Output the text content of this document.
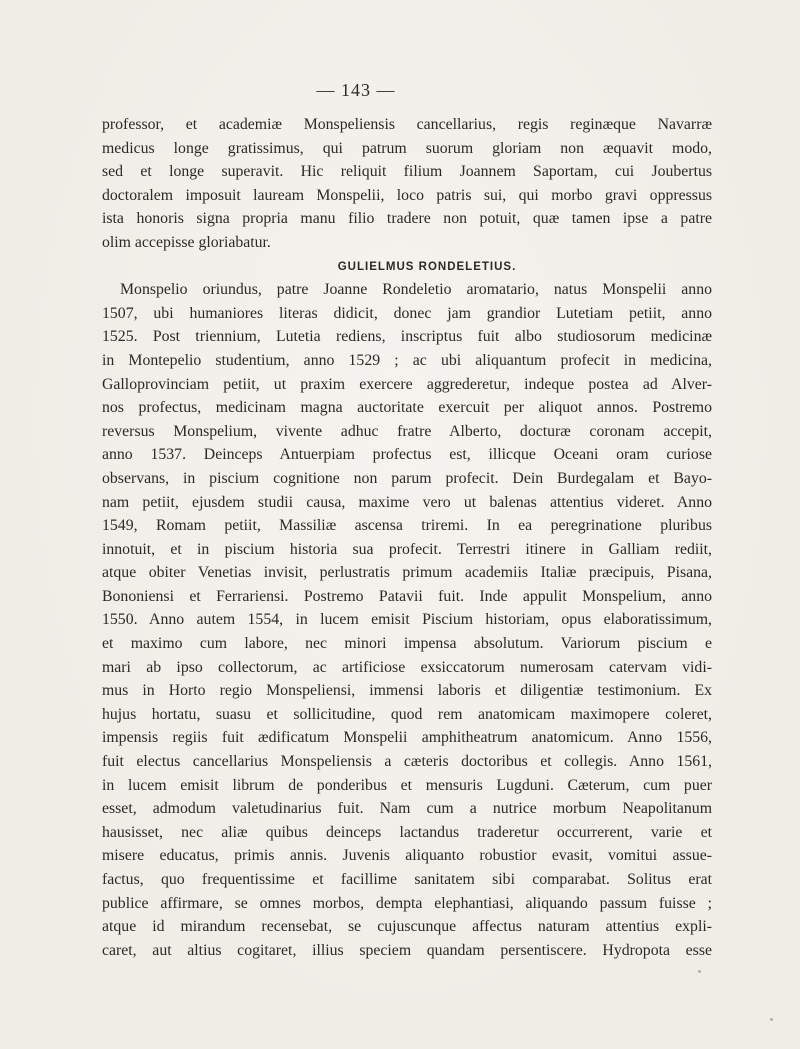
— 143 —
professor, et academiæ Monspeliensis cancellarius, regis reginæque Navarræ
medicus longe gratissimus, qui patrum suorum gloriam non æquavit modo,
sed et longe superavit. Hic reliquit filium Joannem Saportam, cui Joubertus
doctoralem imposuit lauream Monspelii, loco patris sui, qui morbo gravi oppressus
ista honoris signa propria manu filio tradere non potuit, quæ tamen ipse a patre
olim accepisse gloriabatur.
GULIELMUS RONDELETIUS.
Monspelio oriundus, patre Joanne Rondeletio aromatario, natus Monspelii anno
1507, ubi humaniores literas didicit, donec jam grandior Lutetiam petiit, anno
1525. Post triennium, Lutetia rediens, inscriptus fuit albo studiosorum medicinæ
in Montepelio studentium, anno 1529 ; ac ubi aliquantum profecit in medicina,
Galloprovinciam petiit, ut praxim exercere aggrederetur, indeque postea ad Alver-
nos profectus, medicinam magna auctoritate exercuit per aliquot annos. Postremo
reversus Monspelium, vivente adhuc fratre Alberto, docturæ coronam accepit,
anno 1537. Deinceps Antuerpiam profectus est, illicque Oceani oram curiose
observans, in piscium cognitione non parum profecit. Dein Burdegalam et Bayo-
nam petiit, ejusdem studii causa, maxime vero ut balenas attentius videret. Anno
1549, Romam petiit, Massiliæ ascensa triremi. In ea peregrinatione pluribus
innotuit, et in piscium historia sua profecit. Terrestri itinere in Galliam rediit,
atque obiter Venetias invisit, perlustratis primum academiis Italiæ præcipuis, Pisana,
Bononiensi et Ferrariensi. Postremo Patavii fuit. Inde appulit Monspelium, anno
1550. Anno autem 1554, in lucem emisit Piscium historiam, opus elaboratissimum,
et maximo cum labore, nec minori impensa absolutum. Variorum piscium e
mari ab ipso collectorum, ac artificiose exsiccatorum numerosam catervam vidi-
mus in Horto regio Monspeliensi, immensi laboris et diligentiæ testimonium. Ex
hujus hortatu, suasu et sollicitudine, quod rem anatomicam maximopere coleret,
impensis regiis fuit ædificatum Monspelii amphitheatrum anatomicum. Anno 1556,
fuit electus cancellarius Monspeliensis a cæteris doctoribus et collegis. Anno 1561,
in lucem emisit librum de ponderibus et mensuris Lugduni. Cæterum, cum puer
esset, admodum valetudinarius fuit. Nam cum a nutrice morbum Neapolitanum
hausisset, nec aliæ quibus deinceps lactandus traderetur occurrerent, varie et
misere educatus, primis annis. Juvenis aliquanto robustior evasit, vomitui assue-
factus, quo frequentissime et facillime sanitatem sibi comparabat. Solitus erat
publice affirmare, se omnes morbos, dempta elephantiasi, aliquando passum fuisse ;
atque id mirandum recensebat, se cujuscunque affectus naturam attentius expli-
caret, aut altius cogitaret, illius speciem quandam persentiscere. Hydropota esse
